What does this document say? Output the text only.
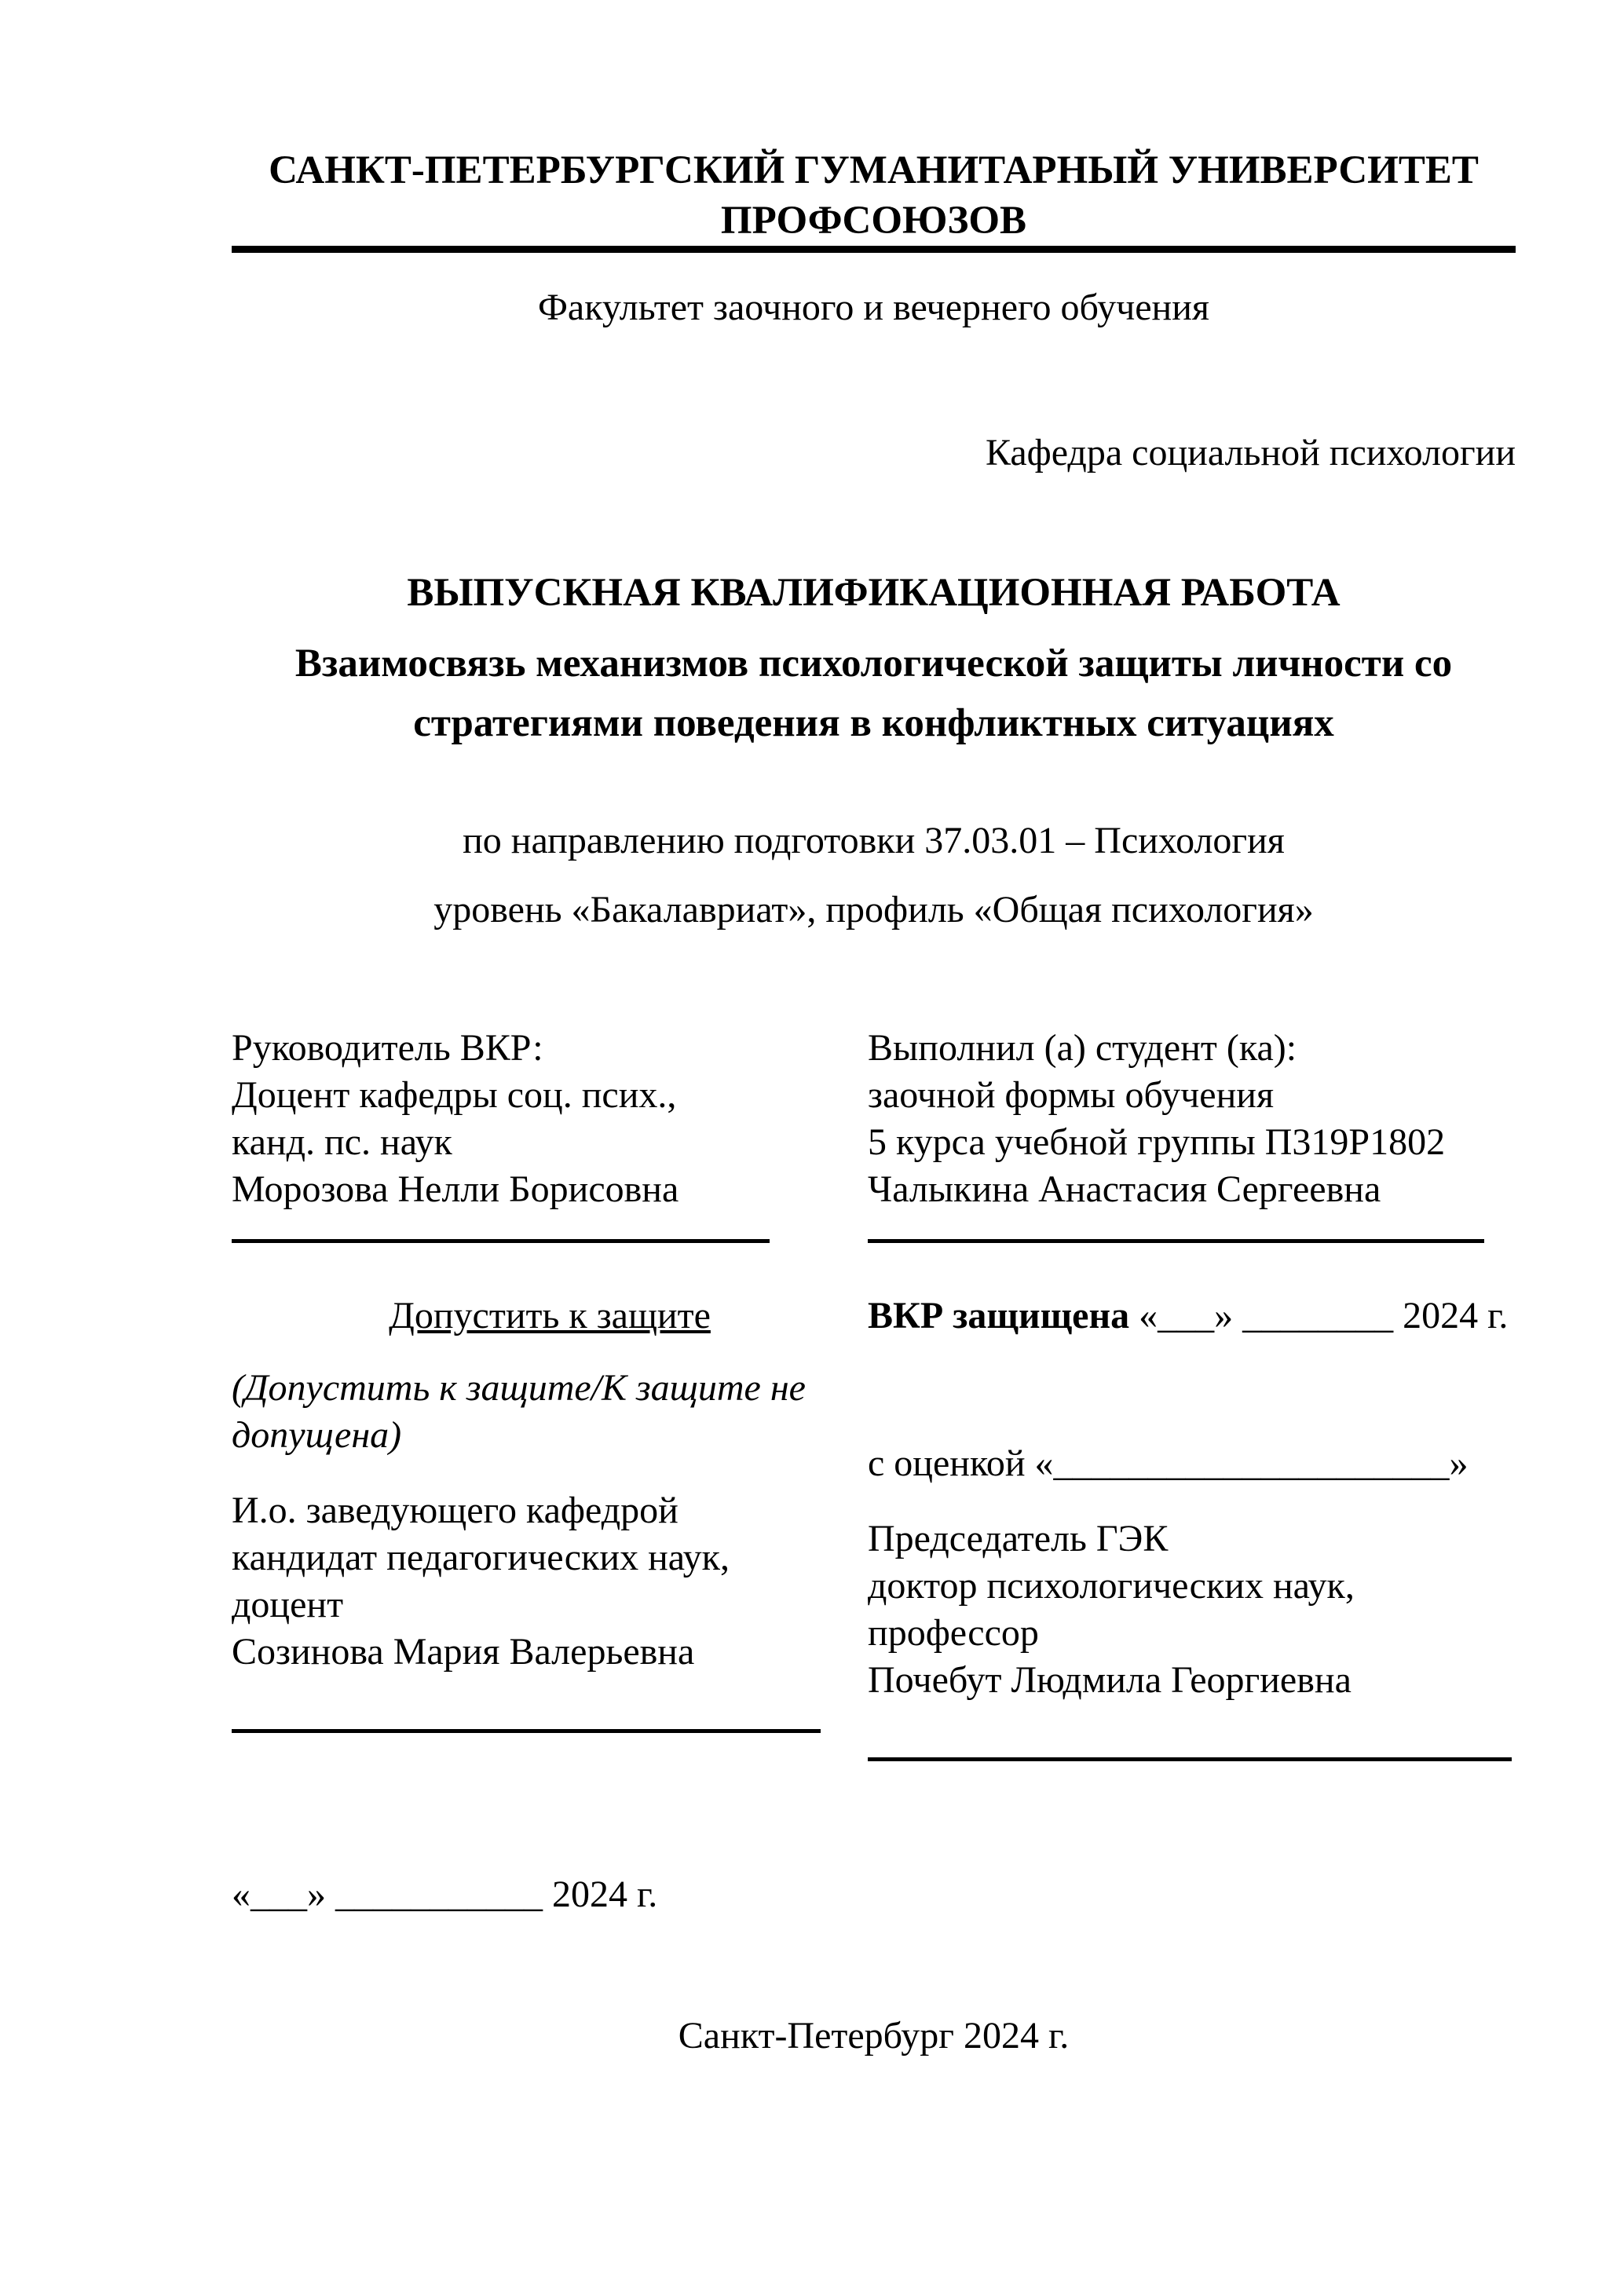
САНКТ-ПЕТЕРБУРГСКИЙ ГУМАНИТАРНЫЙ УНИВЕРСИТЕТ
ПРОФСОЮЗОВ
Факультет заочного и вечернего обучения
Кафедра социальной психологии
ВЫПУСКНАЯ КВАЛИФИКАЦИОННАЯ РАБОТА
Взаимосвязь механизмов психологической защиты личности со
стратегиями поведения в конфликтных ситуациях
по направлению подготовки 37.03.01 – Психология
уровень «Бакалавриат», профиль «Общая психология»
Руководитель ВКР:
Доцент кафедры соц. псих.,
канд. пс. наук
Морозова Нелли Борисовна
Выполнил (а) студент (ка):
заочной формы обучения
5 курса учебной группы П319Р1802
Чалыкина Анастасия Сергеевна
Допустить к защите
(Допустить к защите/К защите не допущена)
И.о. заведующего кафедрой
кандидат педагогических наук,
доцент
Созинова Мария Валерьевна
ВКР защищена «___» ________ 2024 г.
с оценкой «_____________________»
Председатель ГЭК
доктор психологических наук,
профессор
Почебут Людмила Георгиевна
«___» ___________ 2024 г.
Санкт-Петербург 2024 г.
